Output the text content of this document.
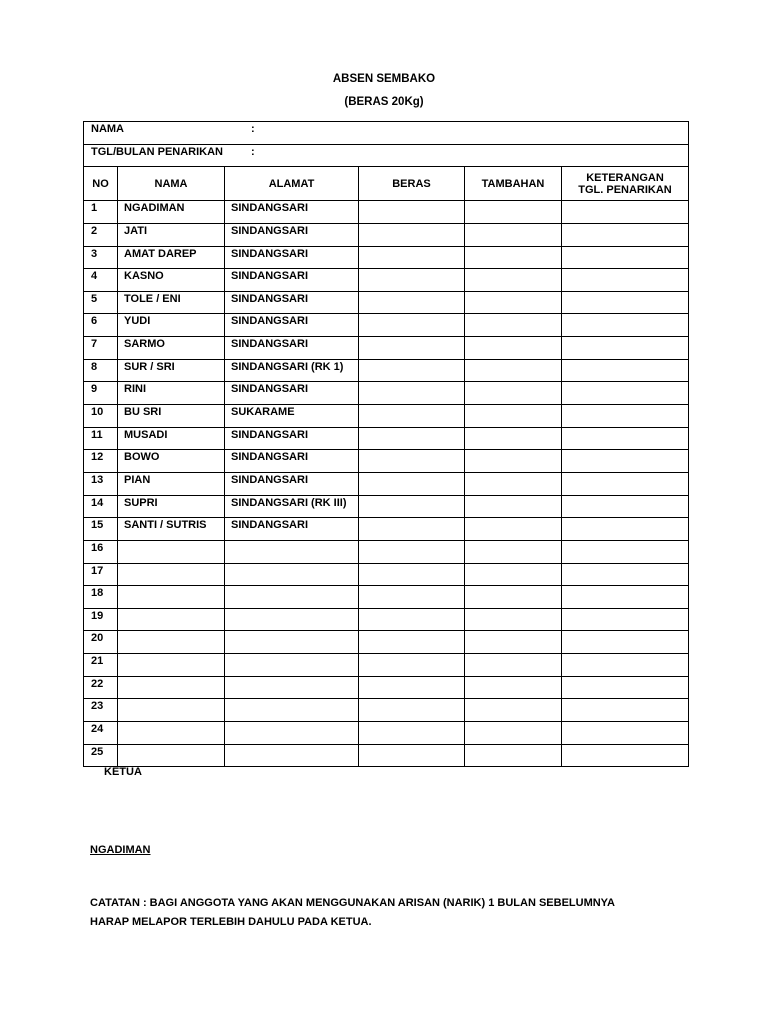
ABSEN SEMBAKO
(BERAS 20Kg)
NAMA :					
TGL/BULAN PENARIKAN :					
NO	NAMA	ALAMAT	BERAS	TAMBAHAN	KETERANGAN
TGL. PENARIKAN

1	NGADIMAN	SINDANGSARI			
2	JATI	SINDANGSARI			
3	AMAT DAREP	SINDANGSARI			
4	KASNO	SINDANGSARI			
5	TOLE / ENI	SINDANGSARI			
6	YUDI	SINDANGSARI			
7	SARMO	SINDANGSARI			
8	SUR / SRI	SINDANGSARI (RK 1)			
9	RINI	SINDANGSARI			
10	BU SRI	SUKARAME			
11	MUSADI	SINDANGSARI			
12	BOWO	SINDANGSARI			
13	PIAN	SINDANGSARI			
14	SUPRI	SINDANGSARI (RK III)			
15	SANTI / SUTRIS	SINDANGSARI			
16					
17					
18					
19					
20					
21					
22					
23					
24					
25					
KETUA
NGADIMAN
CATATAN : BAGI ANGGOTA YANG AKAN MENGGUNAKAN ARISAN (NARIK) 1 BULAN SEBELUMNYA
HARAP MELAPOR TERLEBIH DAHULU PADA KETUA.
